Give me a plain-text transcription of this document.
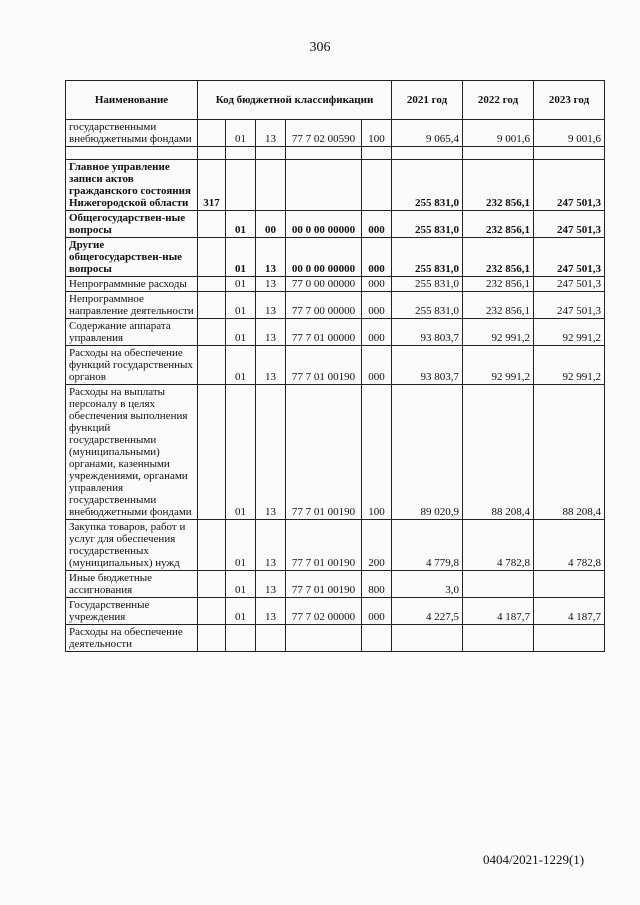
306
Наименование	Код бюджетной классификации					2021 год	2022 год	2023 год
государственными внебюджетными фондами		01	13	77 7 02 00590	100	9 065,4	9 001,6	9 001,6

Главное управление записи актов гражданского состояния Нижегородской области	317					255 831,0	232 856,1	247 501,3
Общегосударствен-ные вопросы		01	00	00 0 00 00000	000	255 831,0	232 856,1	247 501,3
Другие общегосударствен-ные вопросы		01	13	00 0 00 00000	000	255 831,0	232 856,1	247 501,3
Непрограммные расходы		01	13	77 0 00 00000	000	255 831,0	232 856,1	247 501,3
Непрограммное направление деятельности		01	13	77 7 00 00000	000	255 831,0	232 856,1	247 501,3
Содержание аппарата управления		01	13	77 7 01 00000	000	93 803,7	92 991,2	92 991,2
Расходы на обеспечение функций государственных органов		01	13	77 7 01 00190	000	93 803,7	92 991,2	92 991,2
Расходы на выплаты персоналу в целях обеспечения выполнения функций государственными (муниципальными) органами, казенными учреждениями, органами управления государственными внебюджетными фондами		01	13	77 7 01 00190	100	89 020,9	88 208,4	88 208,4
Закупка товаров, работ и услуг для обеспечения государственных (муниципальных) нужд		01	13	77 7 01 00190	200	4 779,8	4 782,8	4 782,8
Иные бюджетные ассигнования		01	13	77 7 01 00190	800	3,0		
Государственные учреждения		01	13	77 7 02 00000	000	4 227,5	4 187,7	4 187,7
Расходы на обеспечение деятельности								
0404/2021-1229(1)
